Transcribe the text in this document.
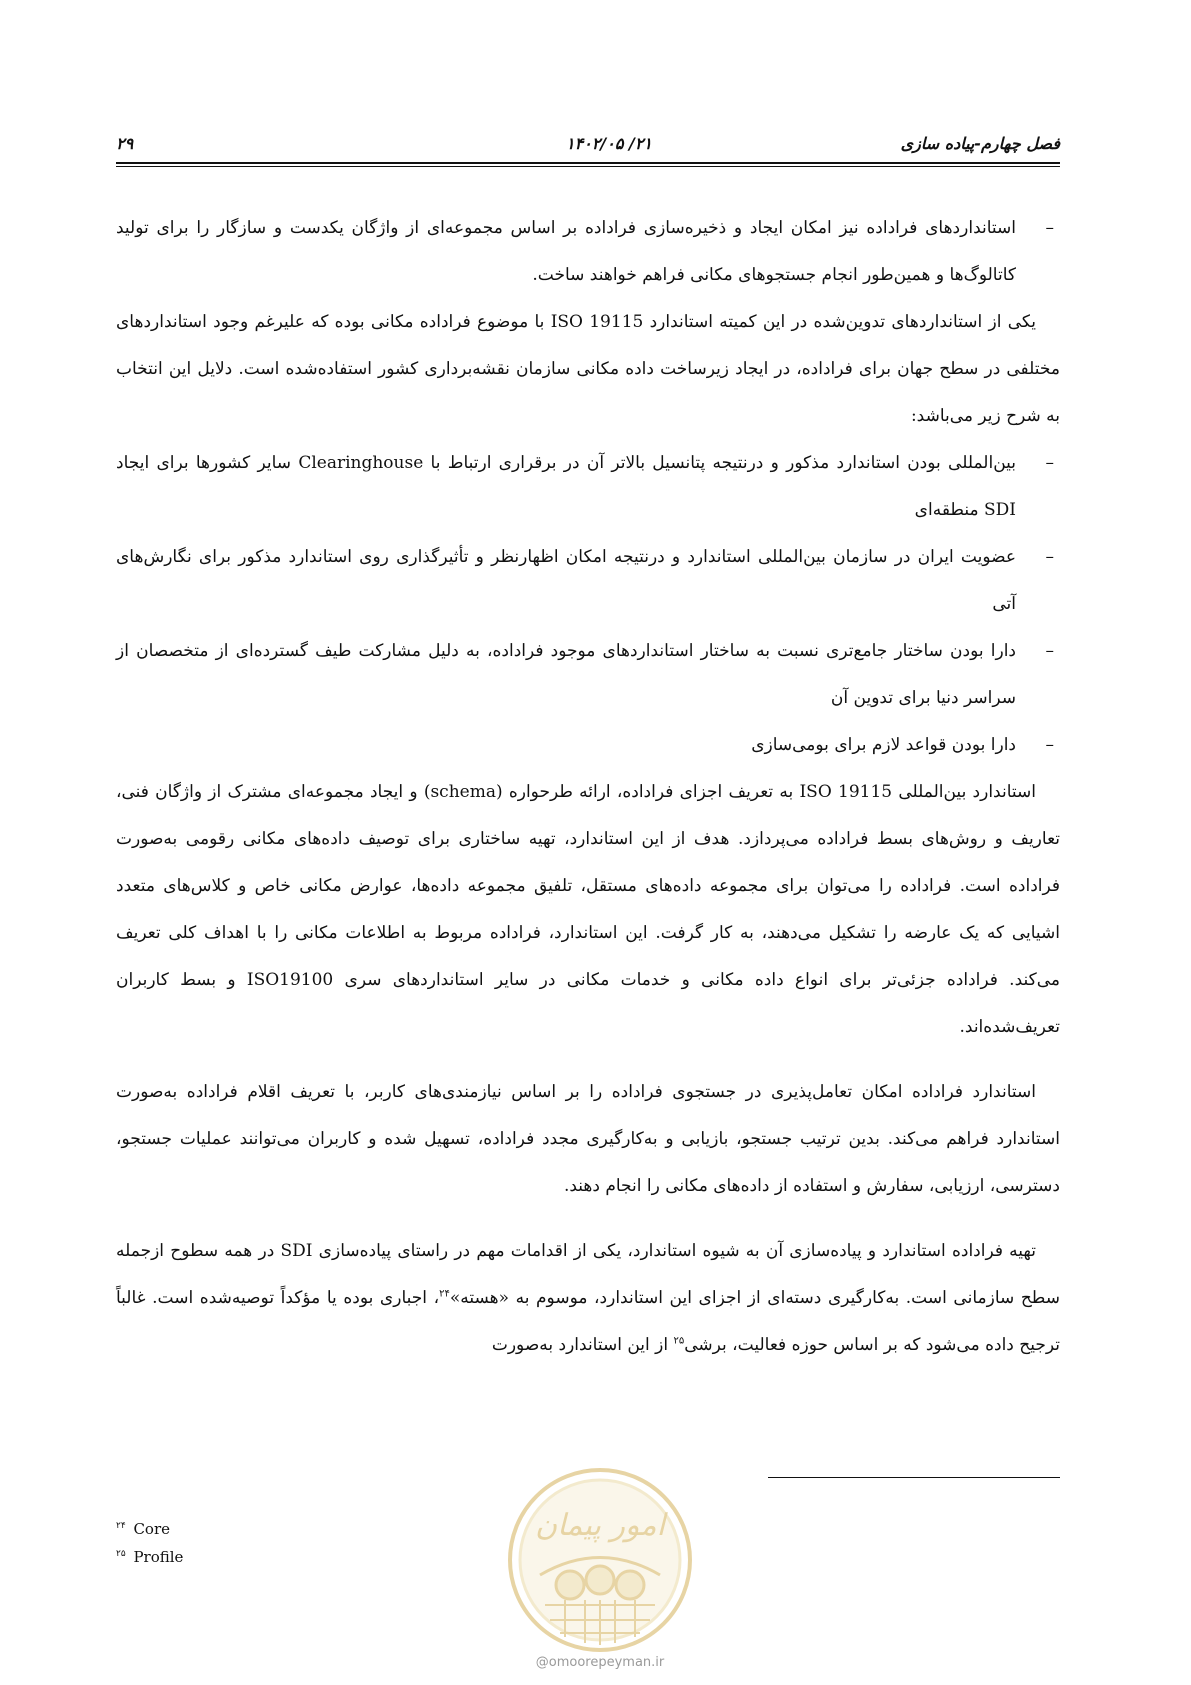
فصل چهارم-پیاده سازی
۲۱/ ۱۴۰۲/۰۵
۲۹
– استانداردهای فراداده نیز امکان ایجاد و ذخیره‌سازی فراداده بر اساس مجموعه‌ای از واژگان یکدست و سازگار را برای تولید کاتالوگ‌ها و همین‌طور انجام جستجوهای مکانی فراهم خواهند ساخت.

یکی از استانداردهای تدوین‌شده در این کمیته استاندارد ISO 19115 با موضوع فراداده مکانی بوده که علیرغم وجود استانداردهای مختلفی در سطح جهان برای فراداده، در ایجاد زیرساخت داده مکانی سازمان نقشه‌برداری کشور استفاده‌شده است. دلایل این انتخاب به شرح زیر می‌باشد:

– بین‌المللی بودن استاندارد مذکور و درنتیجه پتانسیل بالاتر آن در برقراری ارتباط با Clearinghouse سایر کشورها برای ایجاد SDI منطقه‌ای
– عضویت ایران در سازمان بین‌المللی استاندارد و درنتیجه امکان اظهارنظر و تأثیرگذاری روی استاندارد مذکور برای نگارش‌های آتی
– دارا بودن ساختار جامع‌تری نسبت به ساختار استانداردهای موجود فراداده، به دلیل مشارکت طیف گسترده‌ای از متخصصان از سراسر دنیا برای تدوین آن
– دارا بودن قواعد لازم برای بومی‌سازی

استاندارد بین‌المللی ISO 19115 به تعریف اجزای فراداده، ارائه طرحواره (schema) و ایجاد مجموعه‌ای مشترک از واژگان فنی، تعاریف و روش‌های بسط فراداده می‌پردازد. هدف از این استاندارد، تهیه ساختاری برای توصیف داده‌های مکانی رقومی به‌صورت فراداده است. فراداده را می‌توان برای مجموعه داده‌های مستقل، تلفیق مجموعه داده‌ها، عوارض مکانی خاص و کلاس‌های متعدد اشیایی که یک عارضه را تشکیل می‌دهند، به کار گرفت. این استاندارد، فراداده مربوط به اطلاعات مکانی را با اهداف کلی تعریف می‌کند. فراداده جزئی‌تر برای انواع داده مکانی و خدمات مکانی در سایر استانداردهای سری ISO19100 و بسط کاربران تعریف‌شده‌اند.

استاندارد فراداده امکان تعامل‌پذیری در جستجوی فراداده را بر اساس نیازمندی‌های کاربر، با تعریف اقلام فراداده به‌صورت استاندارد فراهم می‌کند. بدین ترتیب جستجو، بازیابی و به‌کارگیری مجدد فراداده، تسهیل شده و کاربران می‌توانند عملیات جستجو، دسترسی، ارزیابی، سفارش و استفاده از داده‌های مکانی را انجام دهند.

تهیه فراداده استاندارد و پیاده‌سازی آن به شیوه استاندارد، یکی از اقدامات مهم در راستای پیاده‌سازی SDI در همه سطوح ازجمله سطح سازمانی است. به‌کارگیری دسته‌ای از اجزای این استاندارد، موسوم به «هسته»$^{۲۴}$، اجباری بوده یا مؤکداً توصیه‌شده است. غالباً ترجیح داده می‌شود که بر اساس حوزه فعالیت، برشی$^{۲۵}$ از این استاندارد به‌صورت

$^{۲۴}$ Core
$^{۲۵}$ Profile
امور پیمان
@omoorepeyman.ir
